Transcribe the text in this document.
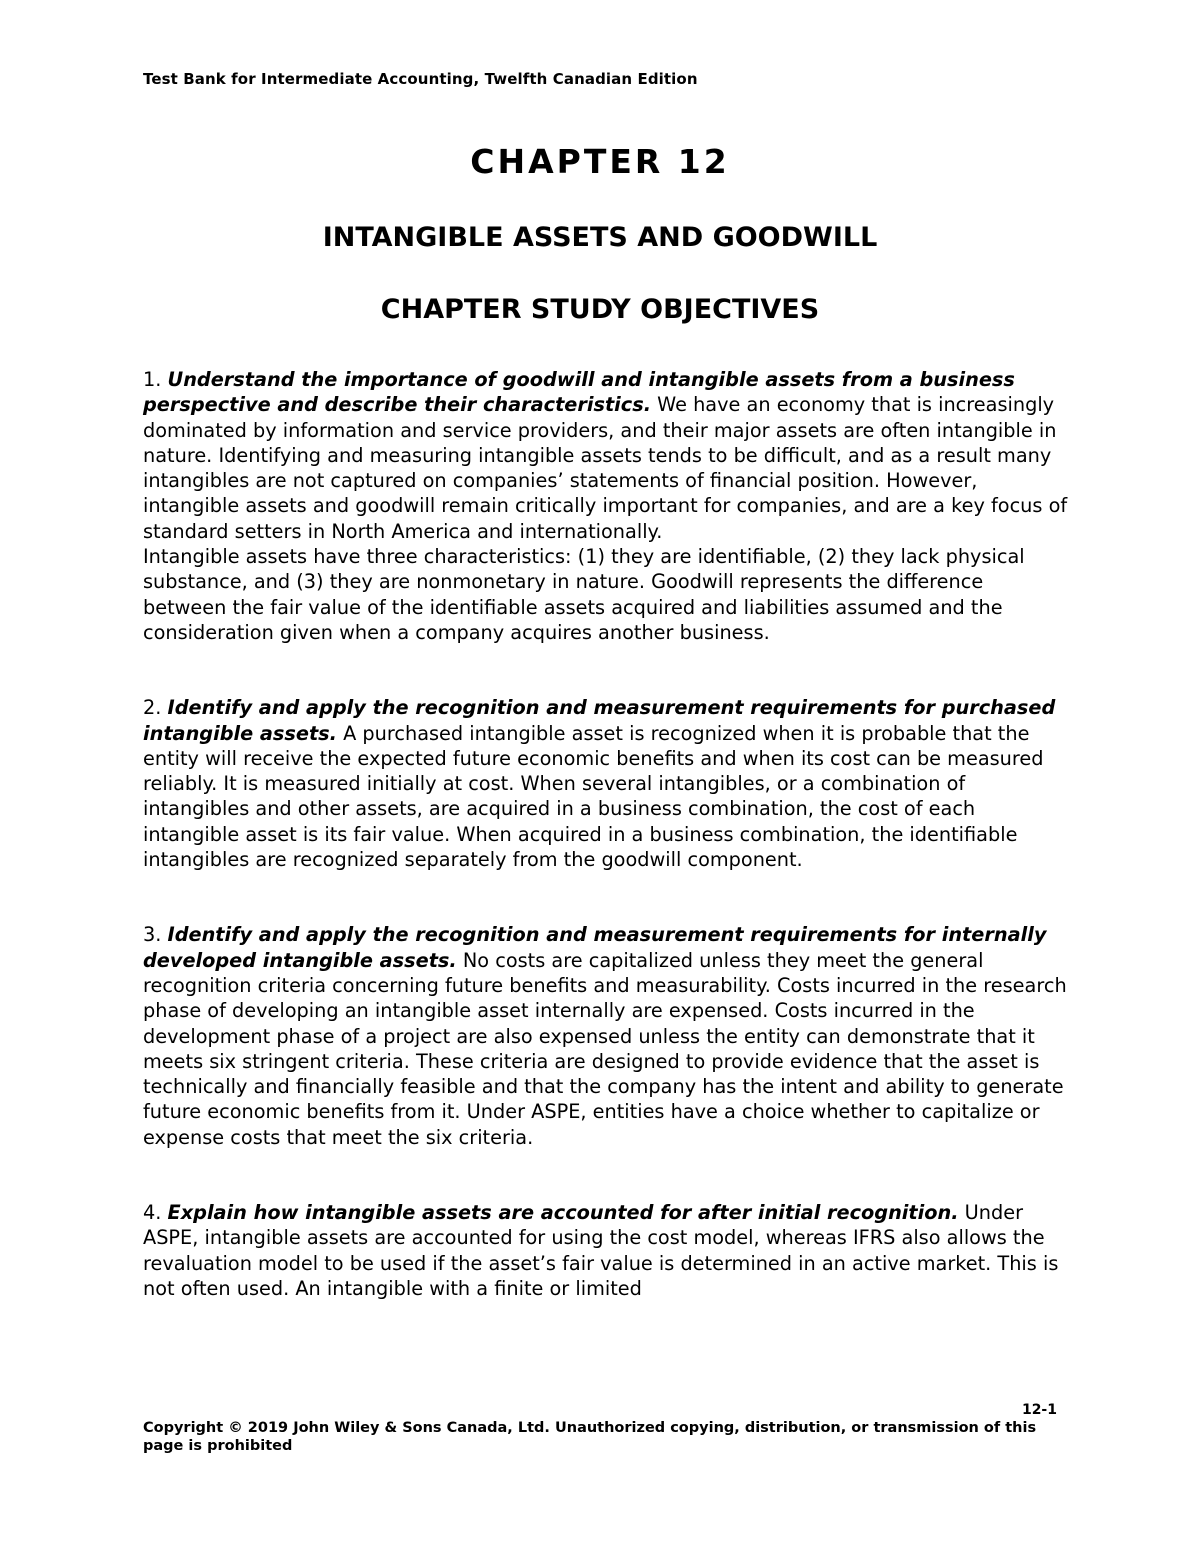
Test Bank for Intermediate Accounting, Twelfth Canadian Edition
CHAPTER 12
INTANGIBLE ASSETS AND GOODWILL
CHAPTER STUDY OBJECTIVES

1. Understand the importance of goodwill and intangible assets from a business perspective and describe their characteristics. We have an economy that is increasingly dominated by information and service providers, and their major assets are often intangible in nature. Identifying and measuring intangible assets tends to be difficult, and as a result many intangibles are not captured on companies’ statements of financial position. However, intangible assets and goodwill remain critically important for companies, and are a key focus of standard setters in North America and internationally.
Intangible assets have three characteristics: (1) they are identifiable, (2) they lack physical substance, and (3) they are nonmonetary in nature. Goodwill represents the difference between the fair value of the identifiable assets acquired and liabilities assumed and the consideration given when a company acquires another business.

2. Identify and apply the recognition and measurement requirements for purchased intangible assets. A purchased intangible asset is recognized when it is probable that the entity will receive the expected future economic benefits and when its cost can be measured reliably. It is measured initially at cost. When several intangibles, or a combination of intangibles and other assets, are acquired in a business combination, the cost of each intangible asset is its fair value. When acquired in a business combination, the identifiable intangibles are recognized separately from the goodwill component.

3. Identify and apply the recognition and measurement requirements for internally developed intangible assets. No costs are capitalized unless they meet the general recognition criteria concerning future benefits and measurability. Costs incurred in the research phase of developing an intangible asset internally are expensed. Costs incurred in the development phase of a project are also expensed unless the entity can demonstrate that it meets six stringent criteria. These criteria are designed to provide evidence that the asset is technically and financially feasible and that the company has the intent and ability to generate future economic benefits from it. Under ASPE, entities have a choice whether to capitalize or expense costs that meet the six criteria.

4. Explain how intangible assets are accounted for after initial recognition. Under ASPE, intangible assets are accounted for using the cost model, whereas IFRS also allows the revaluation model to be used if the asset’s fair value is determined in an active market. This is not often used. An intangible with a finite or limited

12-1
Copyright © 2019 John Wiley & Sons Canada, Ltd. Unauthorized copying, distribution, or transmission of this page is prohibited
